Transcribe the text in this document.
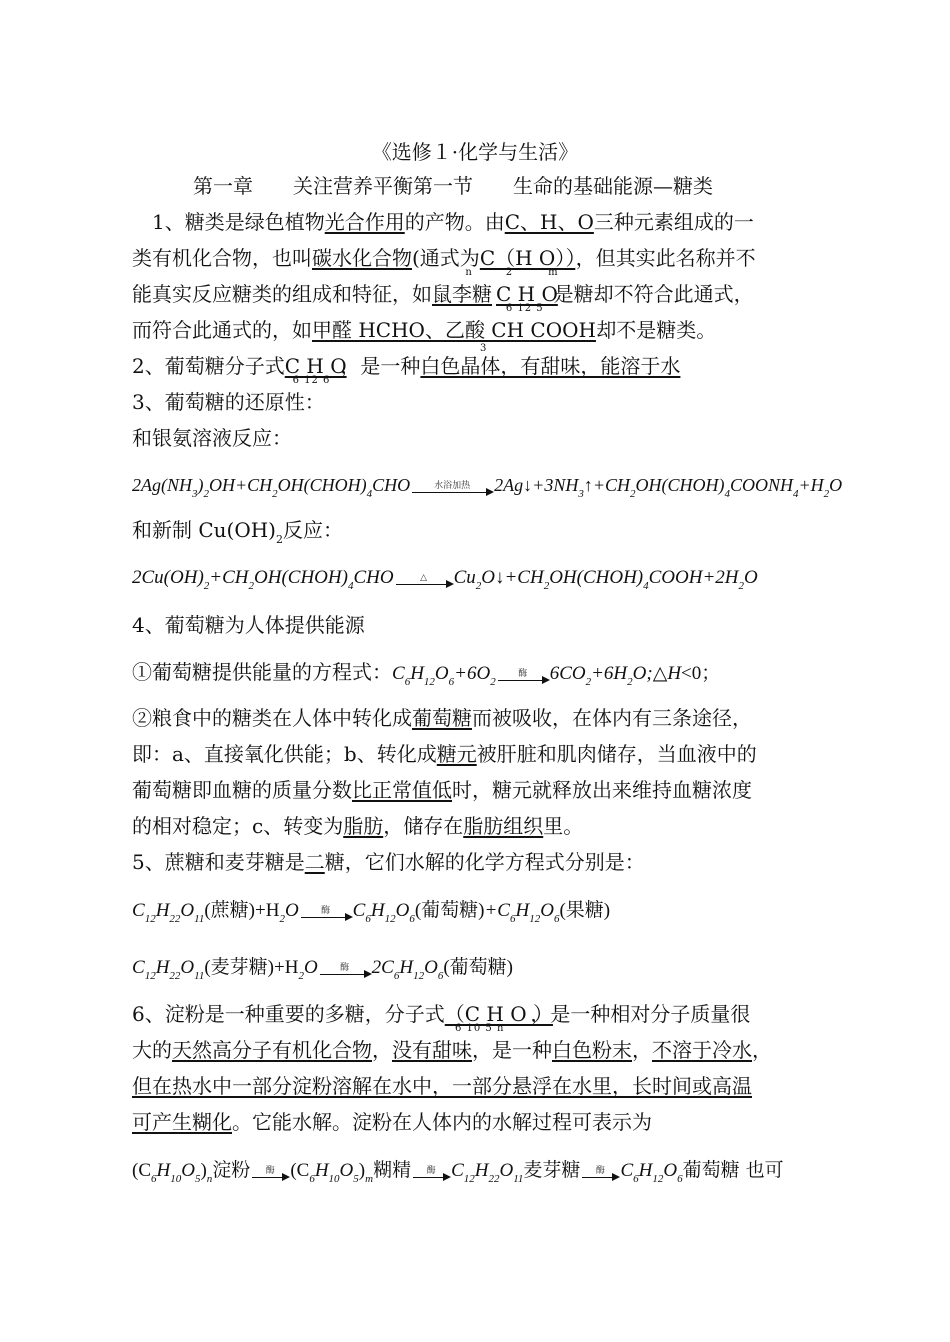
《选修１·化学与生活》
第一章　　关注营养平衡第一节　　生命的基础能源—糖类
　1、糖类是绿色植物光合作用的产物。由C、H、O三种元素组成的一
类有机化合物，也叫碳水化合物(通式为C（H $O)_n$	$_2$	$_m$），但其实此名称并不
能真实反应糖类的组成和特征，如鼠李糖 C H $O_{6 12 5}$是糖却不符合此通式，
而符合此通式的，如甲醛 HCHO、乙酸 CH $COOH_3$却不是糖类。
2、葡萄糖分子式C H $O_{6 12 6}$，是一种白色晶体，有甜味，能溶于水
3、葡萄糖的还原性：
和银氨溶液反应：
$2Ag(NH_3)_2OH+CH_2OH(CHOH)_4CHO$	水浴加热	$2Ag↓+3NH_3↑+CH_2OH(CHOH)_4COONH_4+H_2O$
和新制 $Cu(OH)_2$反应：
$2Cu(OH)_2+CH_2OH(CHOH)_4CHO$	△	$Cu_2O↓+CH_2OH(CHOH)_4COOH+2H_2O$
4、葡萄糖为人体提供能源
①葡萄糖提供能量的方程式：$C_6H_{12}O_6+6O_2$
酶	$6CO_2+6H_2O;\triangle H<0$；
②粮食中的糖类在人体中转化成葡萄糖而被吸收，在体内有三条途径，
即：a、直接氧化供能；b、转化成糖元被肝脏和肌肉储存，当血液中的
葡萄糖即血糖的质量分数比正常值低时，糖元就释放出来维持血糖浓度
的相对稳定；c、转变为脂肪，储存在脂肪组织里。
5、蔗糖和麦芽糖是二糖，它们水解的化学方程式分别是：
$C_{12}H_{22}O_{11}$(蔗糖)$+H_2O$	酶	$C_6H_{12}O_6$(葡萄糖)$+C_6H_{12}O_6$(果糖)
$C_{12}H_{22}O_{11}$(麦芽糖)$+H_2O$	酶	$2C_6H_{12}O_6$(葡萄糖)
6、淀粉是一种重要的多糖，分子式（C H O ）$_{6 10 5 n}$，是一种相对分子质量很
大的天然高分子有机化合物，没有甜味，是一种白色粉末，不溶于冷水，
但在热水中一部分淀粉溶解在水中，一部分悬浮在水里，长时间或高温
可产生糊化。它能水解。淀粉在人体内的水解过程可表示为
$(C_6H_{10}O_5)_n$淀粉	酶 $(C_6H_{10}O_5)_m$糊精	酶 $C_{12}H_{22}O_{11}$麦芽糖	酶 $C_6H_{12}O_6$葡萄糖 也可
